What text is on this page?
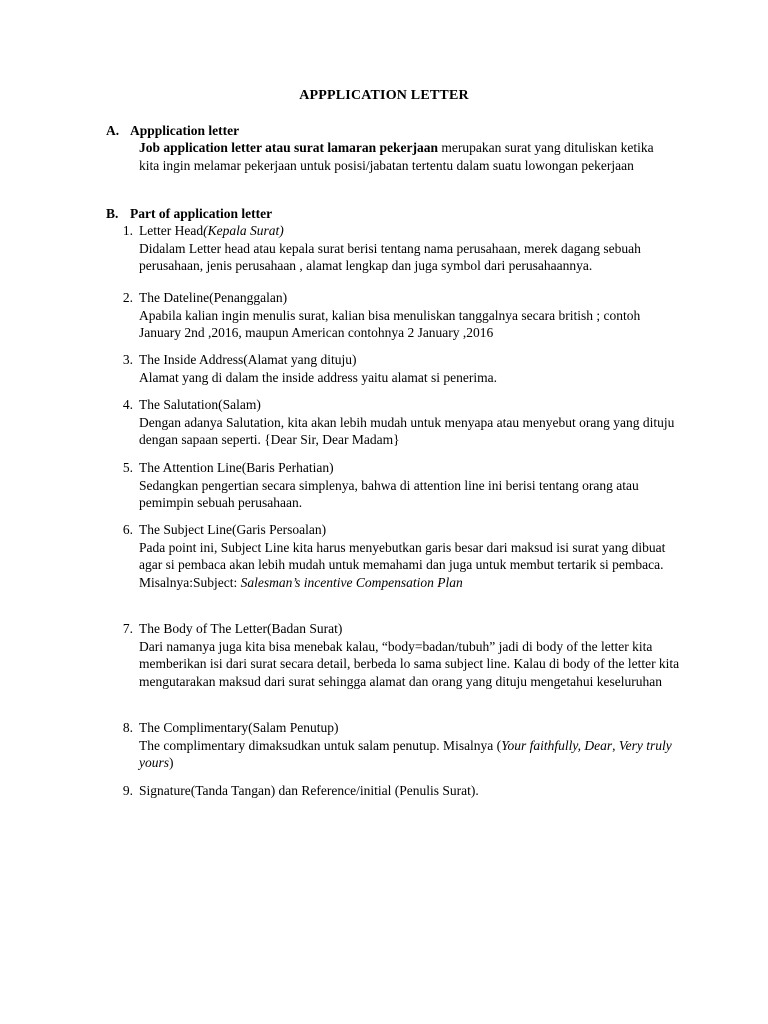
APPPLICATION LETTER
A. Appplication letter
Job application letter atau surat lamaran pekerjaan merupakan surat yang dituliskan ketika kita ingin melamar pekerjaan untuk posisi/jabatan tertentu dalam suatu lowongan pekerjaan
B. Part of application letter
1. Letter Head(Kepala Surat)
Didalam Letter head atau kepala surat berisi tentang nama perusahaan, merek dagang sebuah perusahaan, jenis perusahaan , alamat lengkap dan juga symbol dari perusahaannya.
2. The Dateline(Penanggalan)
Apabila kalian ingin menulis surat, kalian bisa menuliskan tanggalnya secara british ; contoh January 2nd ,2016, maupun American contohnya 2 January ,2016
3. The Inside Address(Alamat yang dituju)
Alamat yang di dalam the inside address yaitu alamat si penerima.
4. The Salutation(Salam)
Dengan adanya Salutation, kita akan lebih mudah untuk menyapa atau menyebut orang yang dituju dengan sapaan seperti. {Dear Sir, Dear Madam}
5. The Attention Line(Baris Perhatian)
Sedangkan pengertian secara simplenya, bahwa di attention line ini berisi tentang orang atau pemimpin sebuah perusahaan.
6. The Subject Line(Garis Persoalan)
Pada point ini, Subject Line kita harus menyebutkan garis besar dari maksud isi surat yang dibuat agar si pembaca akan lebih mudah untuk memahami dan juga untuk membut tertarik si pembaca. Misalnya:Subject: Salesman’s incentive Compensation Plan
7. The Body of The Letter(Badan Surat)
Dari namanya juga kita bisa menebak kalau, “body=badan/tubuh” jadi di body of the letter kita memberikan isi dari surat secara detail, berbeda lo sama subject line. Kalau di body of the letter kita mengutarakan maksud dari surat sehingga alamat dan orang yang dituju mengetahui keseluruhan
8. The Complimentary(Salam Penutup)
The complimentary dimaksudkan untuk salam penutup. Misalnya (Your faithfully, Dear, Very truly yours)
9. Signature(Tanda Tangan) dan Reference/initial (Penulis Surat).
